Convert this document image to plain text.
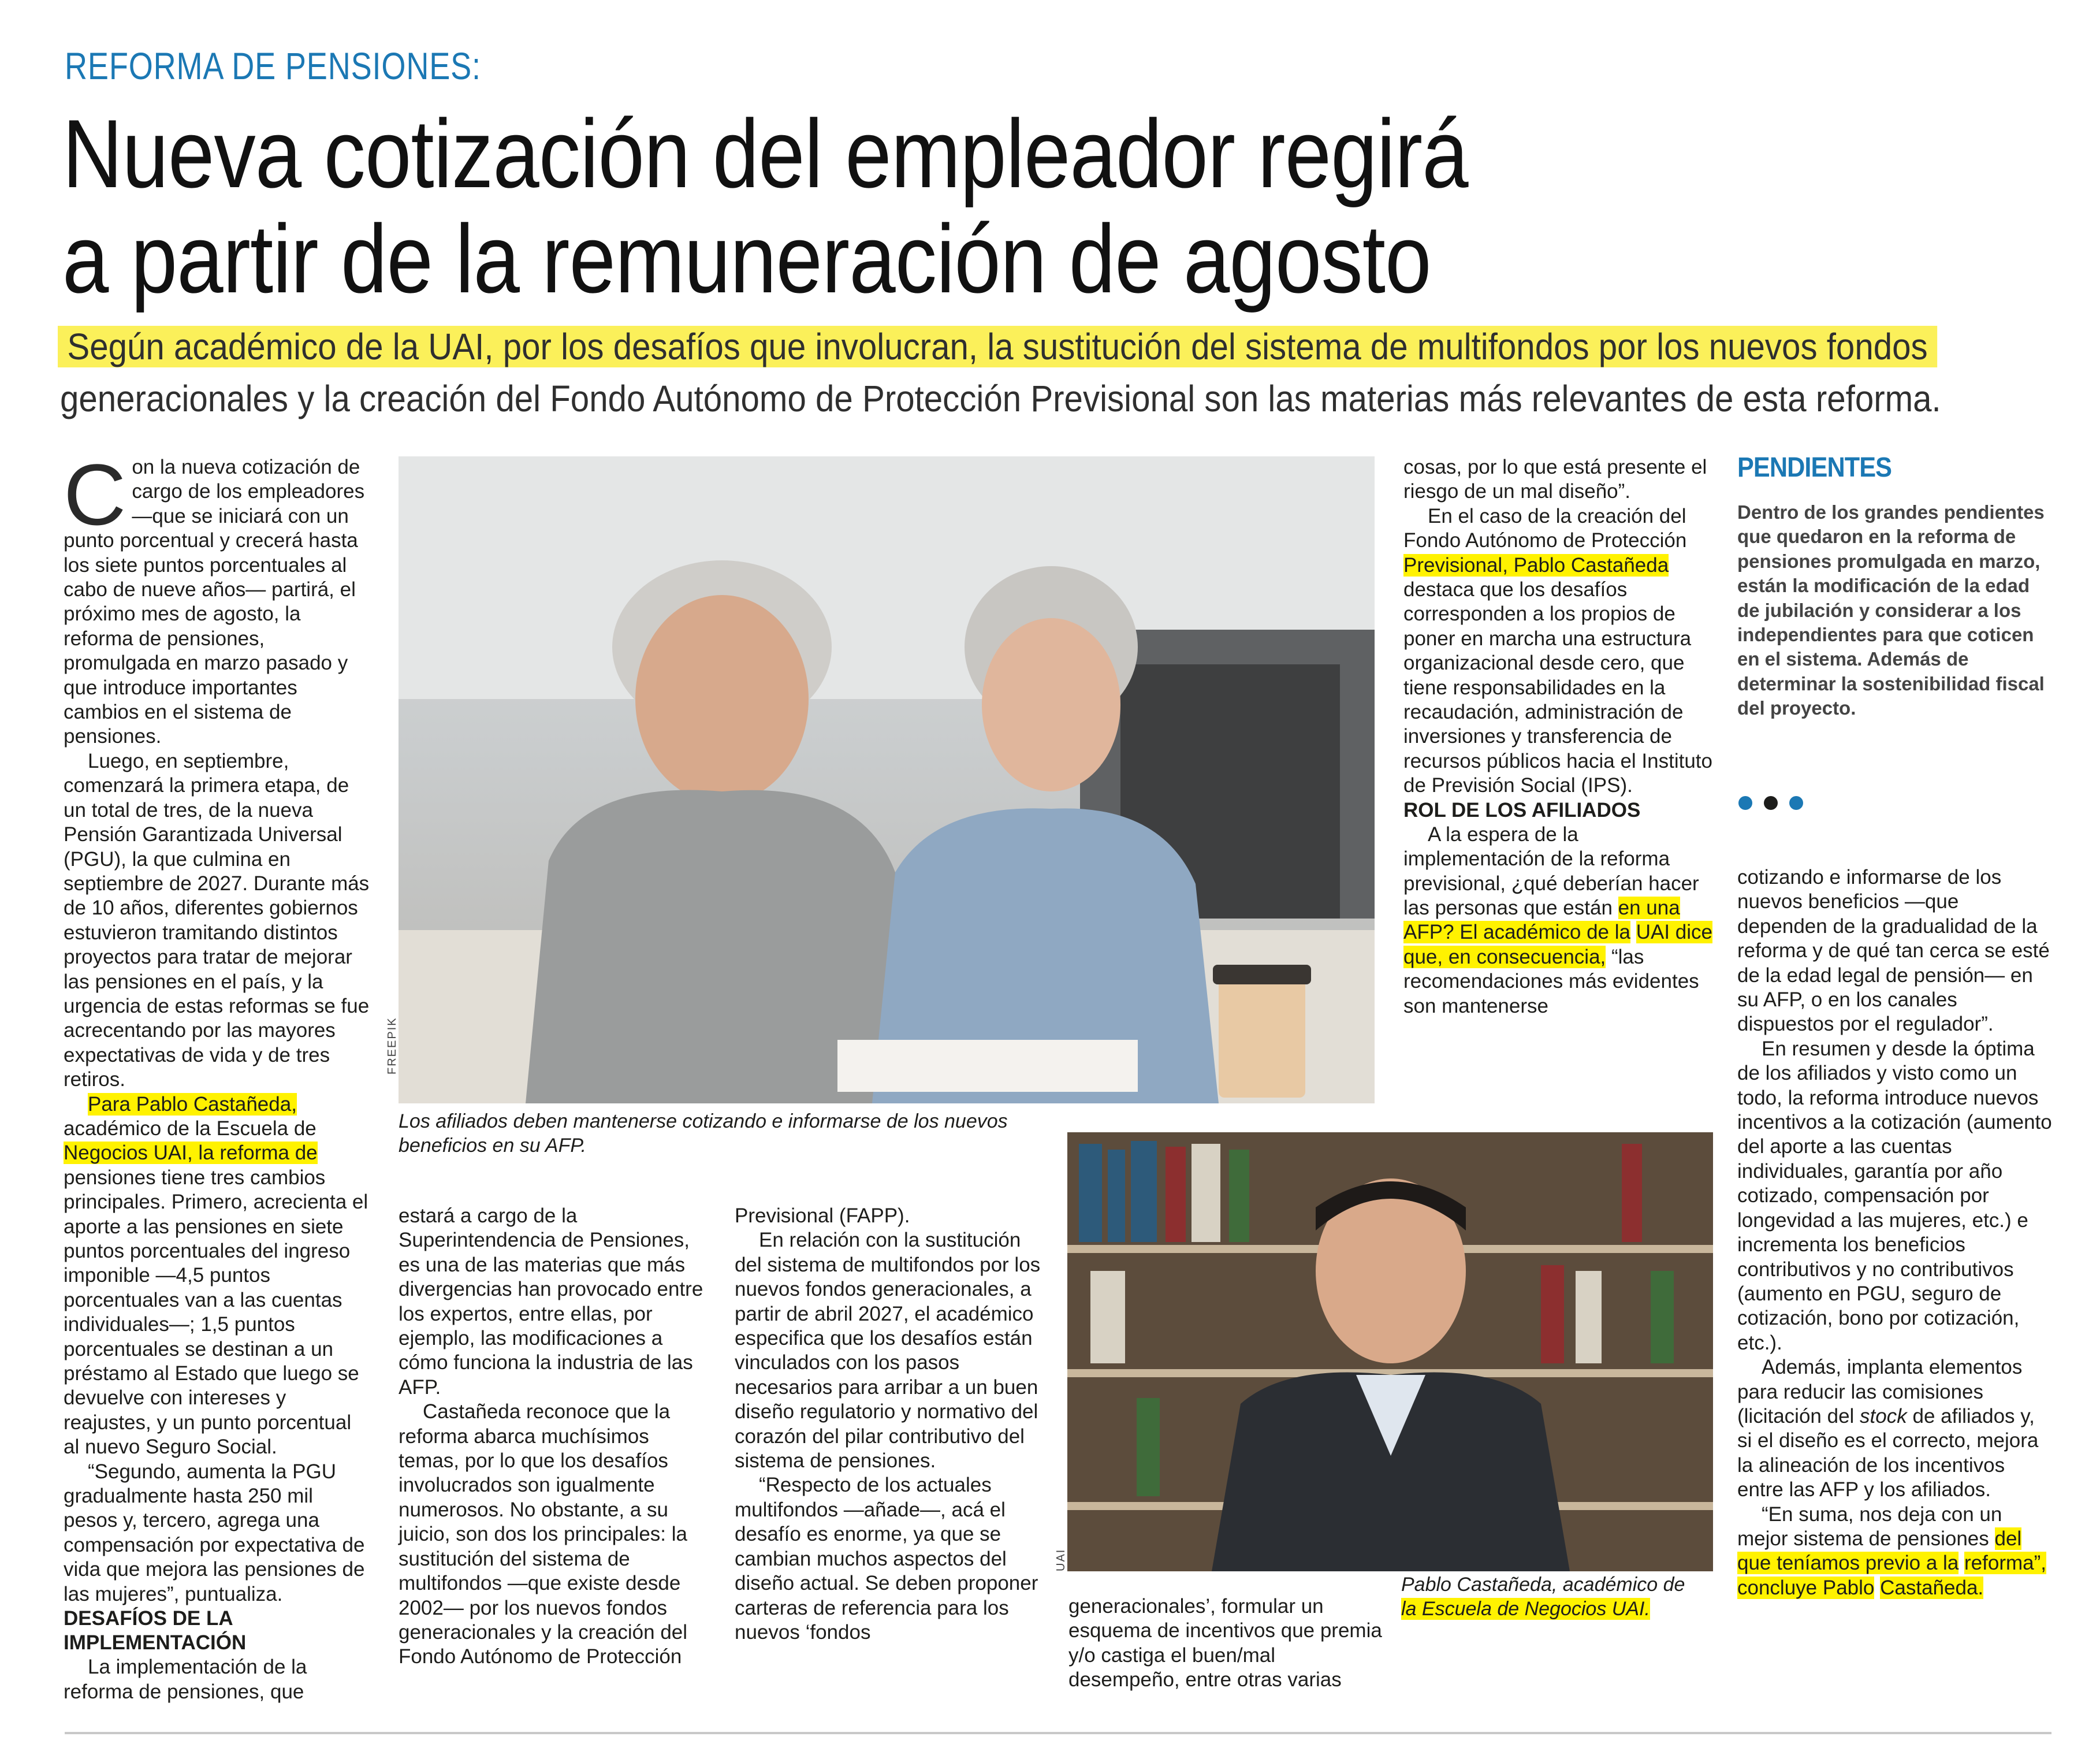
REFORMA DE PENSIONES:
Nueva cotización del empleador regirá
a partir de la remuneración de agosto
Según académico de la UAI, por los desafíos que involucran, la sustitución del sistema de multifondos por los nuevos fondos
generacionales y la creación del Fondo Autónomo de Protección Previsional son las materias más relevantes de esta reforma.

Con la nueva cotización de cargo de los empleadores —que se iniciará con un punto porcentual y crecerá hasta los siete puntos porcentuales al cabo de nueve años— partirá, el próximo mes de agosto, la reforma de pensiones, promulgada en marzo pasado y que introduce importantes cambios en el sistema de pensiones.

Luego, en septiembre, comenzará la primera etapa, de un total de tres, de la nueva Pensión Garantizada Universal (PGU), la que culmina en septiembre de 2027. Durante más de 10 años, diferentes gobiernos estuvieron tramitando distintos proyectos para tratar de mejorar las pensiones en el país, y la urgencia de estas reformas se fue acrecentando por las mayores expectativas de vida y de tres retiros.

Para Pablo Castañeda, académico de la Escuela de Negocios UAI, la reforma de pensiones tiene tres cambios principales. Primero, acrecienta el aporte a las pensiones en siete puntos porcentuales del ingreso imponible —4,5 puntos porcentuales van a las cuentas individuales—; 1,5 puntos porcentuales se destinan a un préstamo al Estado que luego se devuelve con intereses y reajustes, y un punto porcentual al nuevo Seguro Social.

“Segundo, aumenta la PGU gradualmente hasta 250 mil pesos y, tercero, agrega una compensación por expectativa de vida que mejora las pensiones de las mujeres”, puntualiza.

DESAFÍOS DE LA IMPLEMENTACIÓN

La implementación de la reforma de pensiones, que

FREEPIK
Los afiliados deben mantenerse cotizando e informarse de los nuevos beneficios en su AFP.

estará a cargo de la Superintendencia de Pensiones, es una de las materias que más divergencias han provocado entre los expertos, entre ellas, por ejemplo, las modificaciones a cómo funciona la industria de las AFP.

Castañeda reconoce que la reforma abarca muchísimos temas, por lo que los desafíos involucrados son igualmente numerosos. No obstante, a su juicio, son dos los principales: la sustitución del sistema de multifondos —que existe desde 2002— por los nuevos fondos generacionales y la creación del Fondo Autónomo de Protección

Previsional (FAPP).

En relación con la sustitución del sistema de multifondos por los nuevos fondos generacionales, a partir de abril 2027, el académico especifica que los desafíos están vinculados con los pasos necesarios para arribar a un buen diseño regulatorio y normativo del corazón del pilar contributivo del sistema de pensiones.

“Respecto de los actuales multifondos —añade—, acá el desafío es enorme, ya que se cambian muchos aspectos del diseño actual. Se deben proponer carteras de referencia para los nuevos ‘fondos

UAI
Pablo Castañeda, académico de
la Escuela de Negocios UAI.

generacionales’, formular un esquema de incentivos que premia y/o castiga el buen/mal desempeño, entre otras varias

cosas, por lo que está presente el riesgo de un mal diseño”.

En el caso de la creación del Fondo Autónomo de Protección Previsional, Pablo Castañeda destaca que los desafíos corresponden a los propios de poner en marcha una estructura organizacional desde cero, que tiene responsabilidades en la recaudación, administración de inversiones y transferencia de recursos públicos hacia el Instituto de Previsión Social (IPS).

ROL DE LOS AFILIADOS

A la espera de la implementación de la reforma previsional, ¿qué deberían hacer las personas que están en una AFP? El académico de la UAI dice que, en consecuencia, “las recomendaciones más evidentes son mantenerse

PENDIENTES
Dentro de los grandes pendientes que quedaron en la reforma de pensiones promulgada en marzo, están la modificación de la edad de jubilación y considerar a los independientes para que coticen en el sistema. Además de determinar la sostenibilidad fiscal del proyecto.

cotizando e informarse de los nuevos beneficios —que dependen de la gradualidad de la reforma y de qué tan cerca se esté de la edad legal de pensión— en su AFP, o en los canales dispuestos por el regulador”.

En resumen y desde la óptima de los afiliados y visto como un todo, la reforma introduce nuevos incentivos a la cotización (aumento del aporte a las cuentas individuales, garantía por año cotizado, compensación por longevidad a las mujeres, etc.) e incrementa los beneficios contributivos y no contributivos (aumento en PGU, seguro de cotización, bono por cotización, etc.).

Además, implanta elementos para reducir las comisiones (licitación del stock de afiliados y, si el diseño es el correcto, mejora la alineación de los incentivos entre las AFP y los afiliados.

“En suma, nos deja con un mejor sistema de pensiones del que teníamos previo a la reforma”, concluye Pablo Castañeda.
